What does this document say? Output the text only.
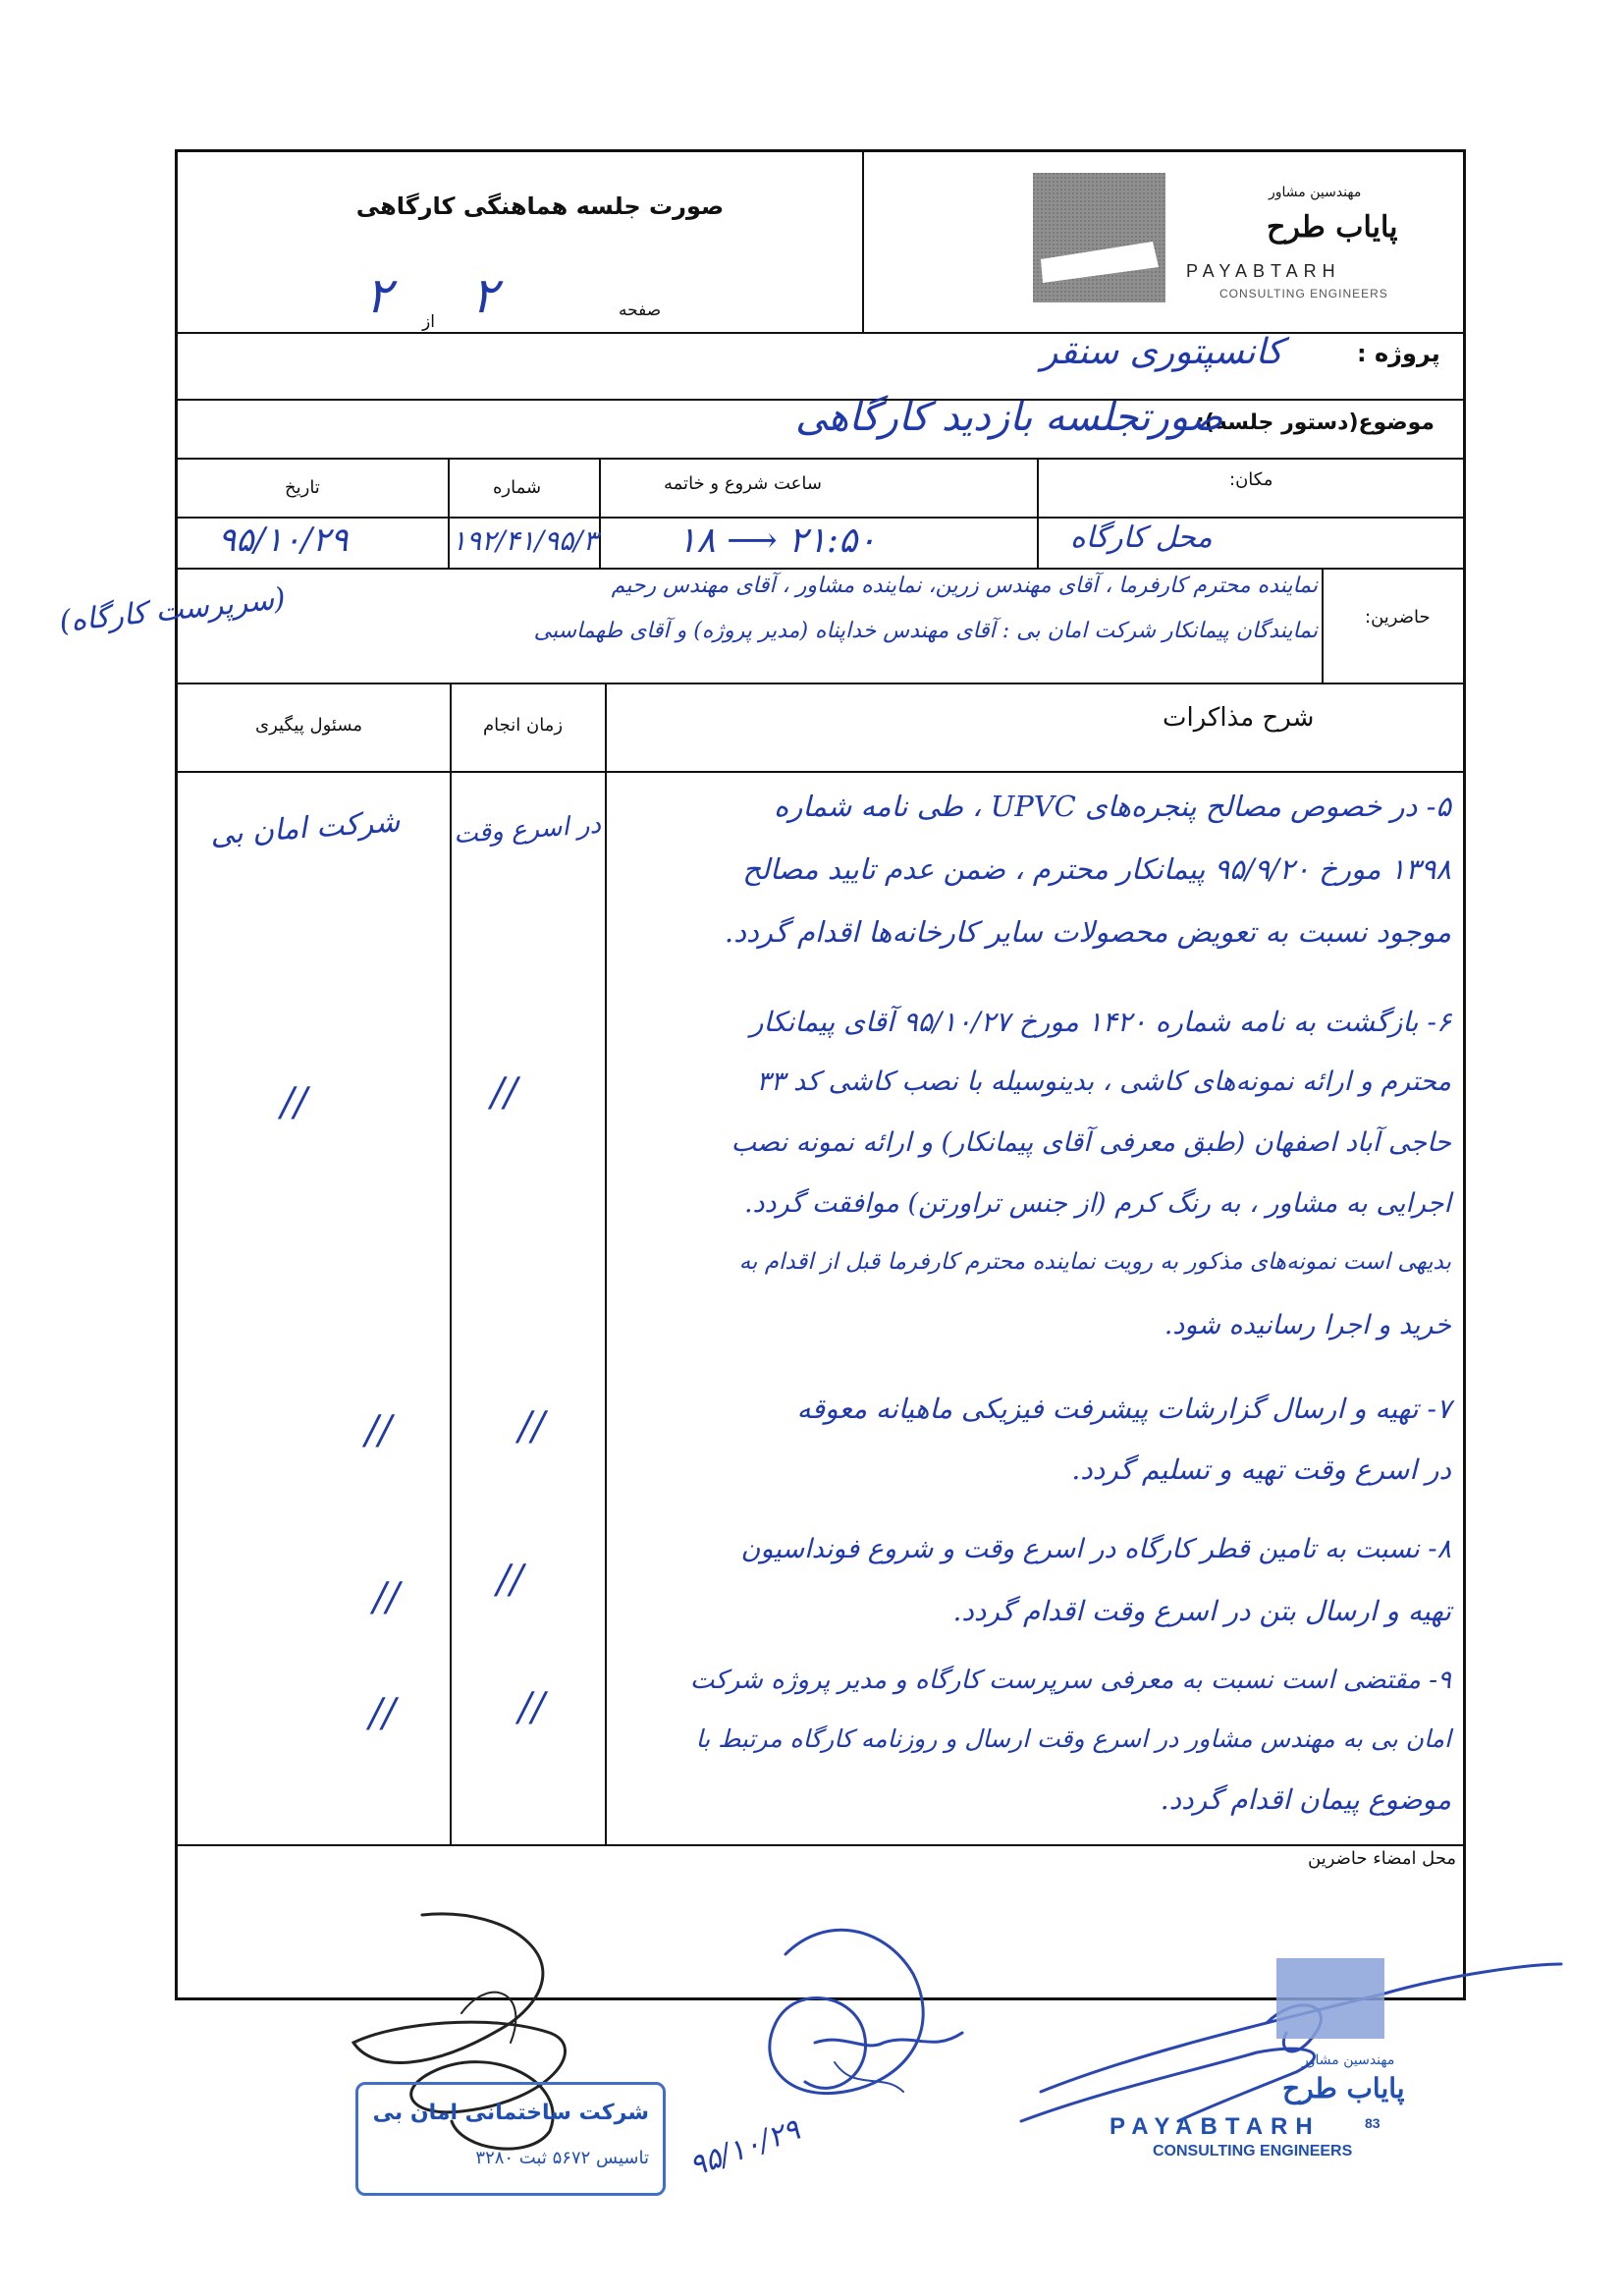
صورت جلسه هماهنگی کارگاهی
صفحه
از ۲
۲
مهندسین مشاور
پایاب طرح
PAYABTARH
CONSULTING ENGINEERS
پروژه :
کانسپتوری سنقر
موضوع(دستور جلسه):
صورتجلسه بازدید کارگاهی
مکان:
ساعت شروع و خاتمه
شماره
تاریخ
محل کارگاه
۱۸ ⟶ ۲۱:۵۰
۱۹۲/۴۱/۹۵/۳
۹۵/۱۰/۲۹
حاضرین:
نماینده محترم کارفرما ، آقای مهندس زرین، نماینده مشاور ، آقای مهندس رحیم
نمایندگان پیمانکار شرکت امان بی : آقای مهندس خداپناه (مدیر پروژه) و آقای طهماسبی
(سرپرست کارگاه)
شرح مذاکرات
زمان انجام
مسئول پیگیری
۵- در خصوص مصالح پنجره‌های UPVC ، طی نامه شماره
۱۳۹۸ مورخ ۹۵/۹/۲۰ پیمانکار محترم ، ضمن عدم تایید مصالح
موجود نسبت به تعویض محصولات سایر کارخانه‌ها اقدام گردد.
۶- بازگشت به نامه شماره ۱۴۲۰ مورخ ۹۵/۱۰/۲۷ آقای پیمانکار
محترم و ارائه نمونه‌های کاشی ، بدینوسیله با نصب کاشی کد ۳۳
حاجی آباد اصفهان (طبق معرفی آقای پیمانکار) و ارائه نمونه نصب
اجرایی به مشاور ، به رنگ کرم (از جنس تراورتن) موافقت گردد.
بدیهی است نمونه‌های مذکور به رویت نماینده محترم کارفرما قبل از اقدام به
خرید و اجرا رسانیده شود.
۷- تهیه و ارسال گزارشات پیشرفت فیزیکی ماهیانه معوقه
در اسرع وقت تهیه و تسلیم گردد.
۸- نسبت به تامین قطر کارگاه در اسرع وقت و شروع فونداسیون
تهیه و ارسال بتن در اسرع وقت اقدام گردد.
۹- مقتضی است نسبت به معرفی سرپرست کارگاه و مدیر پروژه شرکت
امان بی به مهندس مشاور در اسرع وقت ارسال و روزنامه کارگاه مرتبط با
موضوع پیمان اقدام گردد.
در اسرع وقت
شرکت امان بی
//
//
//
//
//
//
//
//
محل امضاء حاضرین
۹۵/۱۰/۲۹
شرکت ساختمانی امان بی
تاسیس ۵۶۷۲ ثبت ۳۲۸۰
مهندسین مشاور
پایاب طرح
PAYABTARH	83
CONSULTING ENGINEERS
